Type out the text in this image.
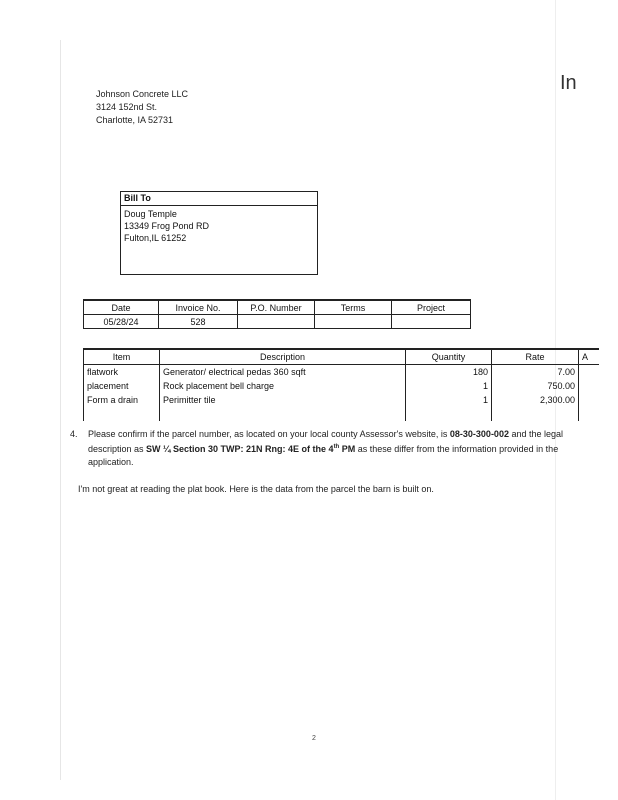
In
Johnson Concrete LLC
3124 152nd St.
Charlotte, IA 52731
Bill To
Doug Temple
13349 Frog Pond RD
Fulton,IL 61252
Date	Invoice No.	P.O. Number	Terms	Project
05/28/24	528			
Item	Description	Quantity	Rate	A
flatwork	Generator/ electrical pedas 360 sqft	180	7.00	
placement	Rock placement bell charge	1	750.00	
Form a drain	Perimitter tile	1	2,300.00	

4. Please confirm if the parcel number, as located on your local county Assessor's website, is 08-30-300-002 and the legal description as SW ¼ Section 30 TWP: 21N Rng: 4E of the 4th PM as these differ from the information provided in the application.
I'm not great at reading the plat book. Here is the data from the parcel the barn is built on.
2
